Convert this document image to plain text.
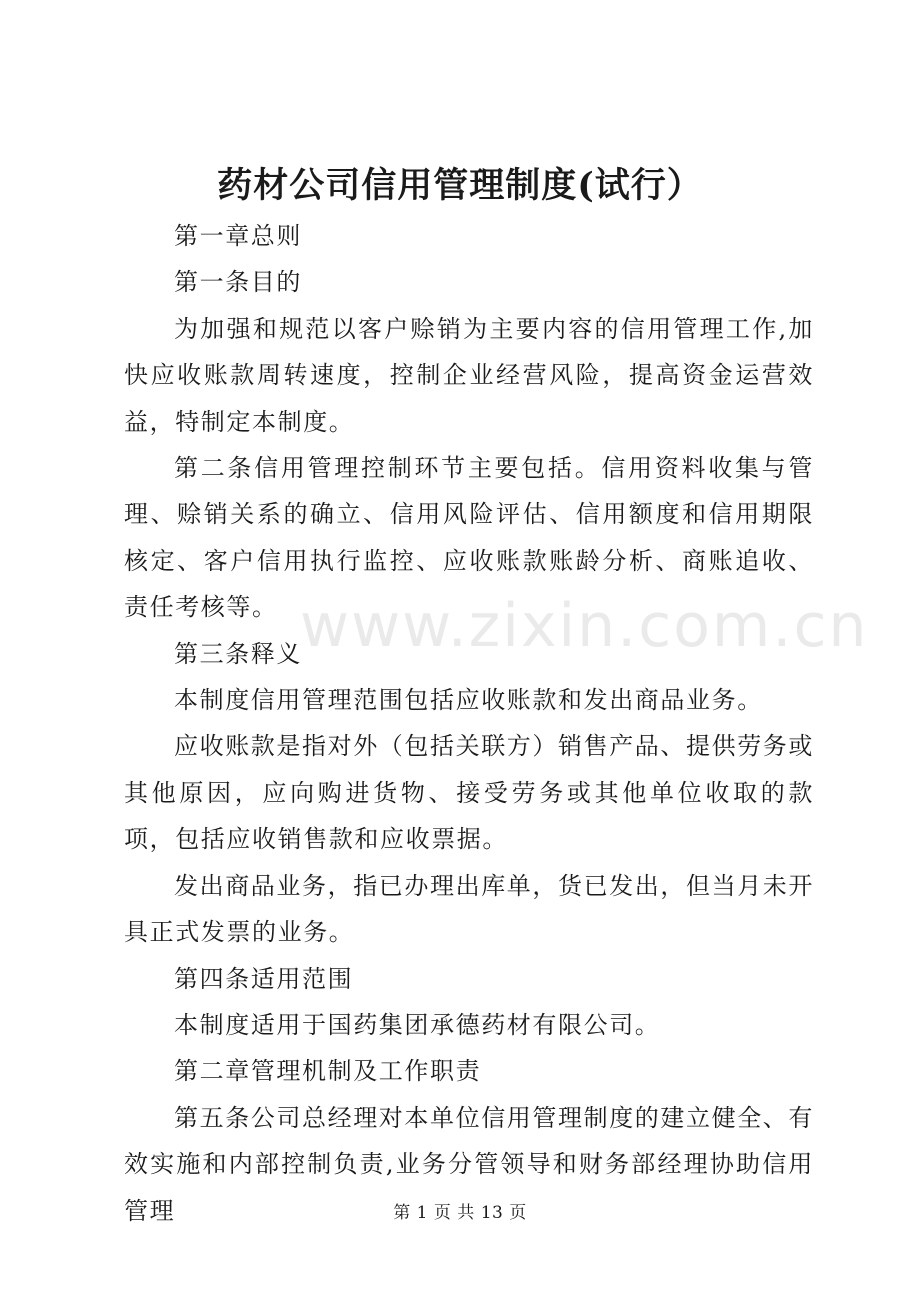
药材公司信用管理制度(试行）

第一章总则

第一条目的

为加强和规范以客户赊销为主要内容的信用管理工作,加快应收账款周转速度，控制企业经营风险，提高资金运营效益，特制定本制度。

第二条信用管理控制环节主要包括。信用资料收集与管理、赊销关系的确立、信用风险评估、信用额度和信用期限核定、客户信用执行监控、应收账款账龄分析、商账追收、责任考核等。

第三条释义

本制度信用管理范围包括应收账款和发出商品业务。

应收账款是指对外（包括关联方）销售产品、提供劳务或其他原因，应向购进货物、接受劳务或其他单位收取的款项，包括应收销售款和应收票据。

发出商品业务，指已办理出库单，货已发出，但当月未开具正式发票的业务。

第四条适用范围

本制度适用于国药集团承德药材有限公司。

第二章管理机制及工作职责

第五条公司总经理对本单位信用管理制度的建立健全、有效实施和内部控制负责,业务分管领导和财务部经理协助信用管理

www.zixin.com.cn
第 1 页 共 13 页
